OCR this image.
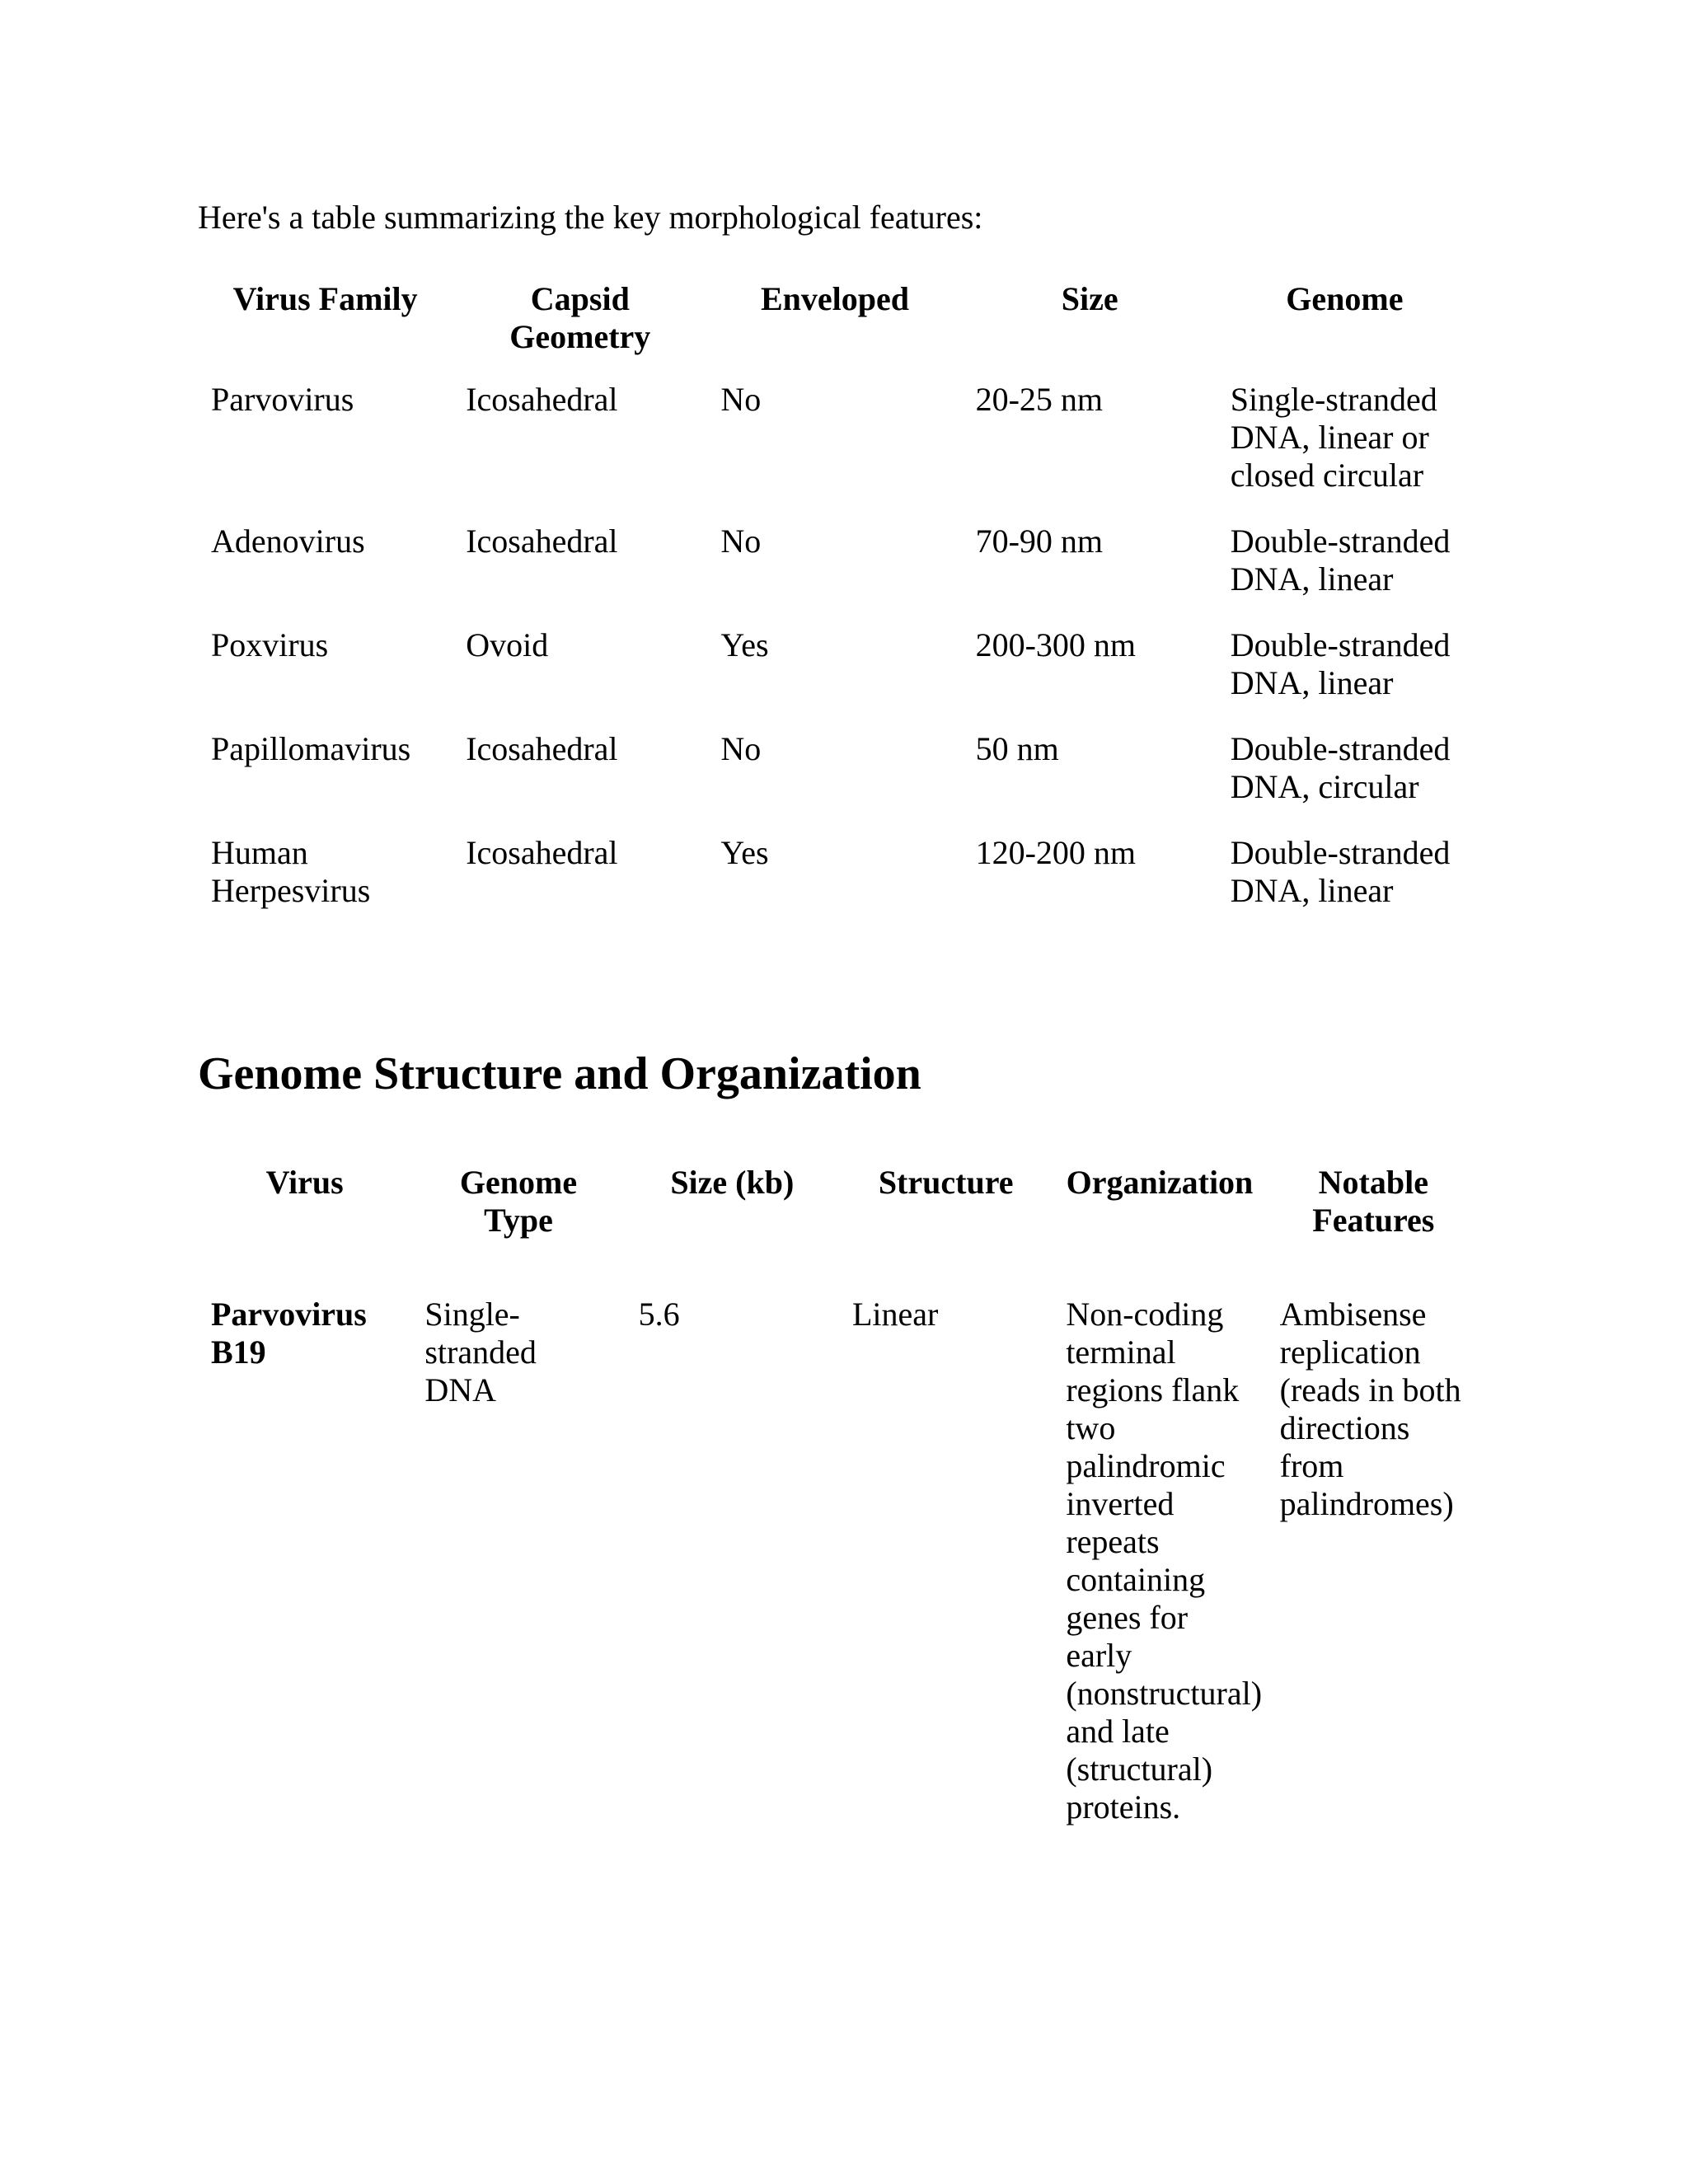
Here's a table summarizing the key morphological features:

Virus Family	Capsid Geometry	Enveloped	Size	Genome
Parvovirus	Icosahedral	No	20-25 nm	Single-stranded DNA, linear or closed circular
Adenovirus	Icosahedral	No	70-90 nm	Double-stranded DNA, linear
Poxvirus	Ovoid	Yes	200-300 nm	Double-stranded DNA, linear
Papillomavirus	Icosahedral	No	50 nm	Double-stranded DNA, circular
Human Herpesvirus	Icosahedral	Yes	120-200 nm	Double-stranded DNA, linear
Genome Structure and Organization
Virus	Genome Type	Size (kb)	Structure	Organization	Notable Features
Parvovirus B19	Single-stranded DNA	5.6	Linear	Non-coding terminal regions flank two palindromic inverted repeats containing genes for early (nonstructural) and late (structural) proteins.	Ambisense replication (reads in both directions from palindromes)
